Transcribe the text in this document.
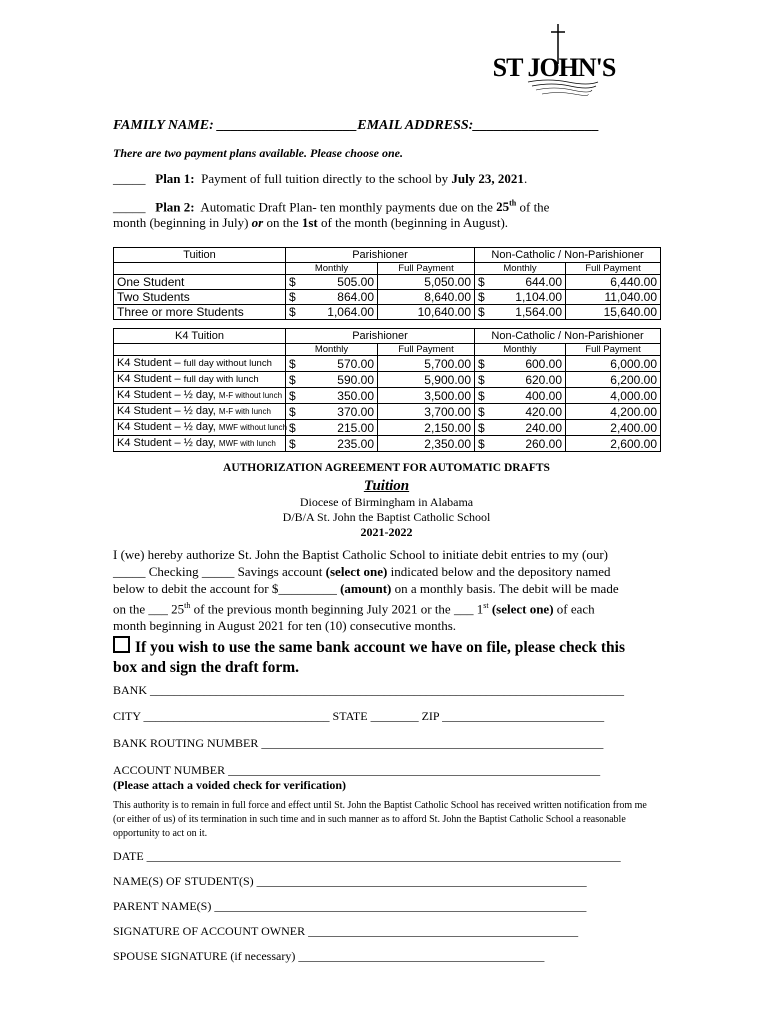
ST JOHN'S
FAMILY NAME: ____________________EMAIL ADDRESS:__________________
There are two payment plans available. Please choose one.
_____ Plan 1: Payment of full tuition directly to the school by July 23, 2021.
_____ Plan 2: Automatic Draft Plan- ten monthly payments due on the 25th of the
month (beginning in July) or on the 1st of the month (beginning in August).
Tuition	Parishioner			Non-Catholic / Non-Parishioner		
	Monthly		Full Payment	Monthly		Full Payment
One Student	$	505.00	5,050.00	$	644.00	6,440.00
Two Students	$	864.00	8,640.00	$	1,104.00	11,040.00
Three or more Students	$	1,064.00	10,640.00	$	1,564.00	15,640.00
K4 Tuition	Parishioner			Non-Catholic / Non-Parishioner		
	Monthly		Full Payment	Monthly		Full Payment
K4 Student – full day without lunch	$	570.00	5,700.00	$	600.00	6,000.00
K4 Student – full day with lunch	$	590.00	5,900.00	$	620.00	6,200.00
K4 Student – ½ day, M-F without lunch	$	350.00	3,500.00	$	400.00	4,000.00
K4 Student – ½ day, M-F with lunch	$	370.00	3,700.00	$	420.00	4,200.00
K4 Student – ½ day, MWF without lunch	$	215.00	2,150.00	$	240.00	2,400.00
K4 Student – ½ day, MWF with lunch	$	235.00	2,350.00	$	260.00	2,600.00
AUTHORIZATION AGREEMENT FOR AUTOMATIC DRAFTS
Tuition
Diocese of Birmingham in Alabama
D/B/A St. John the Baptist Catholic School
2021-2022
I (we) hereby authorize St. John the Baptist Catholic School to initiate debit entries to my (our)
_____ Checking _____ Savings account (select one) indicated below and the depository named
below to debit the account for $_________ (amount) on a monthly basis. The debit will be made
on the ___ 25th of the previous month beginning July 2021 or the ___ 1st (select one) of each
month beginning in August 2021 for ten (10) consecutive months.
If you wish to use the same bank account we have on file, please check this
box and sign the draft form.
BANK _______________________________________________________________________________
CITY _______________________________ STATE ________ ZIP ___________________________
BANK ROUTING NUMBER _________________________________________________________
ACCOUNT NUMBER ______________________________________________________________
(Please attach a voided check for verification)
This authority is to remain in full force and effect until St. John the Baptist Catholic School has received written notification from me (or either of us) of its termination in such time and in such manner as to afford St. John the Baptist Catholic School a reasonable opportunity to act on it.
DATE _______________________________________________________________________________
NAME(S) OF STUDENT(S) _______________________________________________________
PARENT NAME(S) ______________________________________________________________
SIGNATURE OF ACCOUNT OWNER _____________________________________________
SPOUSE SIGNATURE (if necessary) _________________________________________
